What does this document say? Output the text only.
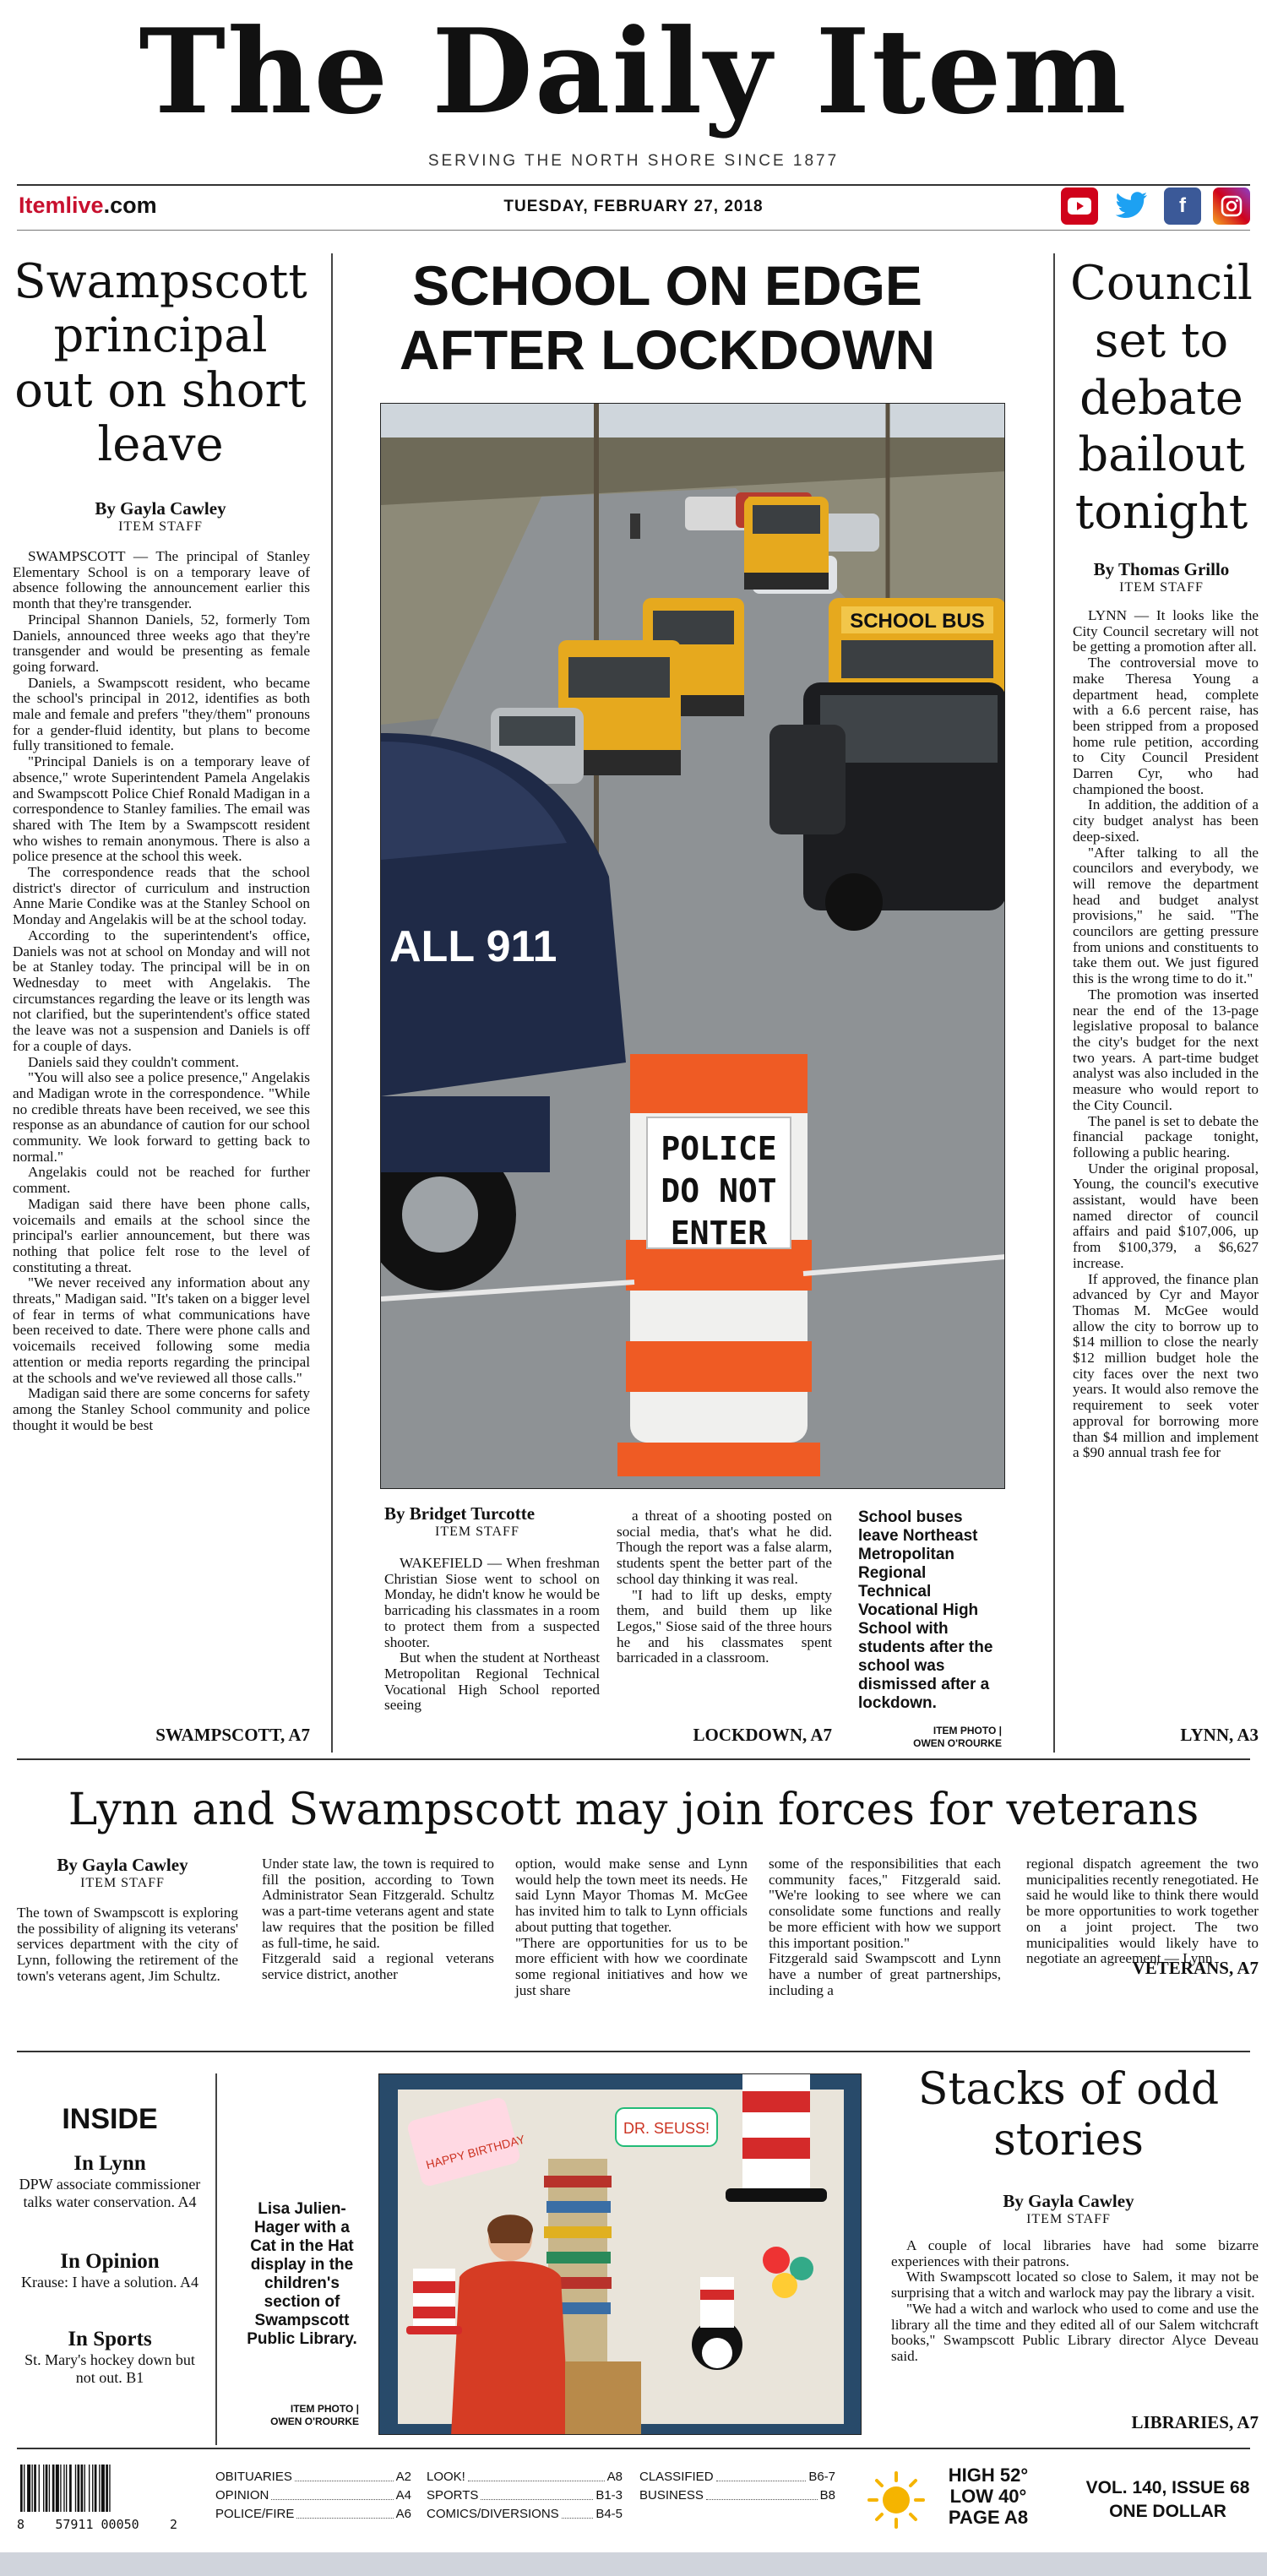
The Daily Item
SERVING THE NORTH SHORE SINCE 1877
Itemlive.com	TUESDAY, FEBRUARY 27, 2018	f
Swampscott principal out on short leave
By Gayla Cawley
ITEM STAFF

SWAMPSCOTT — The principal of Stanley Elementary School is on a temporary leave of absence following the announcement earlier this month that they're transgender.

Principal Shannon Daniels, 52, formerly Tom Daniels, announced three weeks ago that they're transgender and would be presenting as female going forward.

Daniels, a Swampscott resident, who became the school's principal in 2012, identifies as both male and female and prefers "they/them" pronouns for a gender-fluid identity, but plans to become fully transitioned to female.

"Principal Daniels is on a temporary leave of absence," wrote Superintendent Pamela Angelakis and Swampscott Police Chief Ronald Madigan in a correspondence to Stanley families. The email was shared with The Item by a Swampscott resident who wishes to remain anonymous. There is also a police presence at the school this week.

The correspondence reads that the school district's director of curriculum and instruction Anne Marie Condike was at the Stanley School on Monday and Angelakis will be at the school today.

According to the superintendent's office, Daniels was not at school on Monday and will not be at Stanley today. The principal will be in on Wednesday to meet with Angelakis. The circumstances regarding the leave or its length was not clarified, but the superintendent's office stated the leave was not a suspension and Daniels is off for a couple of days.

Daniels said they couldn't comment.

"You will also see a police presence," Angelakis and Madigan wrote in the correspondence. "While no credible threats have been received, we see this response as an abundance of caution for our school community. We look forward to getting back to normal."

Angelakis could not be reached for further comment.

Madigan said there have been phone calls, voicemails and emails at the school since the principal's earlier announcement, but there was nothing that police felt rose to the level of constituting a threat.

"We never received any information about any threats," Madigan said. "It's taken on a bigger level of fear in terms of what communications have been received to date. There were phone calls and voicemails received following some media attention or media reports regarding the principal at the schools and we've reviewed all those calls."

Madigan said there are some concerns for safety among the Stanley School community and police thought it would be best

SWAMPSCOTT, A7
SCHOOL ON EDGE AFTER LOCKDOWN
SCHOOL BUS
ALL 911
POLICE
DO NOT
ENTER
By Bridget Turcotte
ITEM STAFF

WAKEFIELD — When freshman Christian Siose went to school on Monday, he didn't know he would be barricading his classmates in a room to protect them from a suspected shooter.

But when the student at Northeast Metropolitan Regional Technical Vocational High School reported seeing

a threat of a shooting posted on social media, that's what he did. Though the report was a false alarm, students spent the better part of the school day thinking it was real.

"I had to lift up desks, empty them, and build them up like Legos," Siose said of the three hours he and his classmates spent barricaded in a classroom.

LOCKDOWN, A7
School buses leave Northeast Metropolitan Regional Technical Vocational High School with students after the school was dismissed after a lockdown.
ITEM PHOTO |
OWEN O'ROURKE
Council set to debate bailout tonight
By Thomas Grillo
ITEM STAFF

LYNN — It looks like the City Council secretary will not be getting a promotion after all.

The controversial move to make Theresa Young a department head, complete with a 6.6 percent raise, has been stripped from a proposed home rule petition, according to City Council President Darren Cyr, who had championed the boost.

In addition, the addition of a city budget analyst has been deep-sixed.

"After talking to all the councilors and everybody, we will remove the department head and budget analyst provisions," he said. "The councilors are getting pressure from unions and constituents to take them out. We just figured this is the wrong time to do it."

The promotion was inserted near the end of the 13-page legislative proposal to balance the city's budget for the next two years. A part-time budget analyst was also included in the measure who would report to the City Council.

The panel is set to debate the financial package tonight, following a public hearing.

Under the original proposal, Young, the council's executive assistant, would have been named director of council affairs and paid $107,006, up from $100,379, a $6,627 increase.

If approved, the finance plan advanced by Cyr and Mayor Thomas M. McGee would allow the city to borrow up to $14 million to close the nearly $12 million budget hole the city faces over the next two years. It would also remove the requirement to seek voter approval for borrowing more than $4 million and implement a $90 annual trash fee for

LYNN, A3
Lynn and Swampscott may join forces for veterans
By Gayla Cawley
ITEM STAFF
The town of Swampscott is exploring the possibility of aligning its veterans' services department with the city of Lynn, following the retirement of the town's veterans agent, Jim Schultz.
Under state law, the town is required to fill the position, according to Town Administrator Sean Fitzgerald. Schultz was a part-time veterans agent and state law requires that the position be filled as full-time, he said.
Fitzgerald said a regional veterans service district, another
option, would make sense and Lynn would help the town meet its needs. He said Lynn Mayor Thomas M. McGee has invited him to talk to Lynn officials about putting that together.
"There are opportunities for us to be more efficient with how we coordinate some regional initiatives and how we just share
some of the responsibilities that each community faces," Fitzgerald said. "We're looking to see where we can consolidate some functions and really be more efficient with how we support this important position."
Fitzgerald said Swampscott and Lynn have a number of great partnerships, including a
regional dispatch agreement the two municipalities recently renegotiated. He said he would like to think there would be more opportunities to work together on a joint project. The two municipalities would likely have to negotiate an agreement — Lynn
VETERANS, A7
INSIDE
In Lynn
DPW associate commissioner talks water conservation. A4
In Opinion
Krause: I have a solution. A4
In Sports
St. Mary's hockey down but not out. B1
Lisa Julien-Hager with a Cat in the Hat display in the children's section of Swampscott Public Library.
ITEM PHOTO |
OWEN O'ROURKE
HAPPY BIRTHDAY
DR. SEUSS!
Stacks of odd stories
By Gayla Cawley
ITEM STAFF

A couple of local libraries have had some bizarre experiences with their patrons.

With Swampscott located so close to Salem, it may not be surprising that a witch and warlock may pay the library a visit.

"We had a witch and warlock who used to come and use the library all the time and they edited all of our Salem witchcraft books," Swampscott Public Library director Alyce Deveau said.

LIBRARIES, A7
8 57911 00050 2
OBITUARIES	A2
OPINION	A4
POLICE/FIRE	A6
LOOK!	A8
SPORTS	B1-3
COMICS/DIVERSIONS	B4-5
CLASSIFIED	B6-7
BUSINESS	B8
HIGH 52°
LOW 40°
PAGE A8
VOL. 140, ISSUE 68
ONE DOLLAR
